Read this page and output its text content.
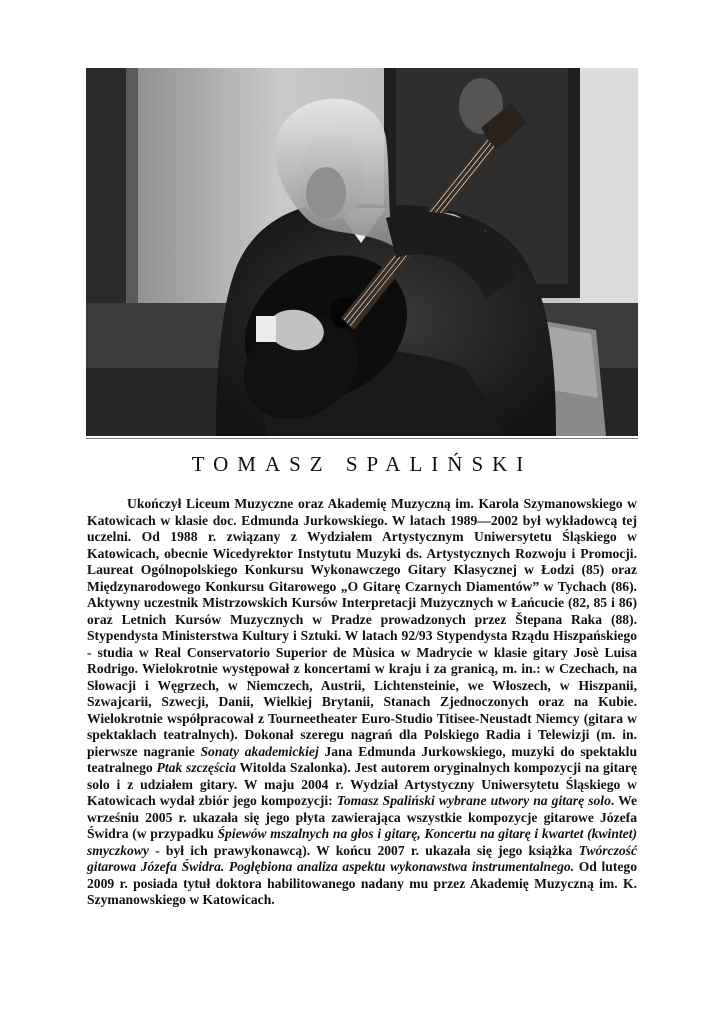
TOMASZ SPALIŃSKI

Ukończył Liceum Muzyczne oraz Akademię Muzyczną im. Karola Szymanowskiego w Katowicach w klasie doc. Edmunda Jurkowskiego. W latach 1989—2002 był wykładowcą tej uczelni. Od 1988 r. związany z Wydziałem Artystycznym Uniwersytetu Śląskiego w Katowicach, obecnie Wicedyrektor Instytutu Muzyki ds. Artystycznych Rozwoju i Promocji. Laureat Ogólnopolskiego Konkursu Wykonawczego Gitary Klasycznej w Łodzi (85) oraz Międzynarodowego Konkursu Gitarowego „O Gitarę Czarnych Diamentów” w Tychach (86). Aktywny uczestnik Mistrzowskich Kursów Interpretacji Muzycznych w Łańcucie (82, 85 i 86) oraz Letnich Kursów Muzycznych w Pradze prowadzonych przez Štepana Raka (88). Stypendysta Ministerstwa Kultury i Sztuki. W latach 92/93 Stypendysta Rządu Hiszpańskiego - studia w Real Conservatorio Superior de Mùsica w Madrycie w klasie gitary Josè Luisa Rodrigo. Wielokrotnie występował z koncertami w kraju i za granicą, m. in.: w Czechach, na Słowacji i Węgrzech, w Niemczech, Austrii, Lichtensteinie, we Włoszech, w Hiszpanii, Szwajcarii, Szwecji, Danii, Wielkiej Brytanii, Stanach Zjednoczonych oraz na Kubie. Wielokrotnie współpracował z Tourneetheater Euro-Studio Titisee-Neustadt Niemcy (gitara w spektaklach teatralnych). Dokonał szeregu nagrań dla Polskiego Radia i Telewizji (m. in. pierwsze nagranie Sonaty akademickiej Jana Edmunda Jurkowskiego, muzyki do spektaklu teatralnego Ptak szczęścia Witolda Szalonka). Jest autorem oryginalnych kompozycji na gitarę solo i z udziałem gitary. W maju 2004 r. Wydział Artystyczny Uniwersytetu Śląskiego w Katowicach wydał zbiór jego kompozycji: Tomasz Spaliński wybrane utwory na gitarę solo. We wrześniu 2005 r. ukazała się jego płyta zawierająca wszystkie kompozycje gitarowe Józefa Świdra (w przypadku Śpiewów mszalnych na głos i gitarę, Koncertu na gitarę i kwartet (kwintet) smyczkowy - był ich prawykonawcą). W końcu 2007 r. ukazała się jego książka Twórczość gitarowa Józefa Świdra. Pogłębiona analiza aspektu wykonawstwa instrumentalnego. Od lutego 2009 r. posiada tytuł doktora habilitowanego nadany mu przez Akademię Muzyczną im. K. Szymanowskiego w Katowicach.
